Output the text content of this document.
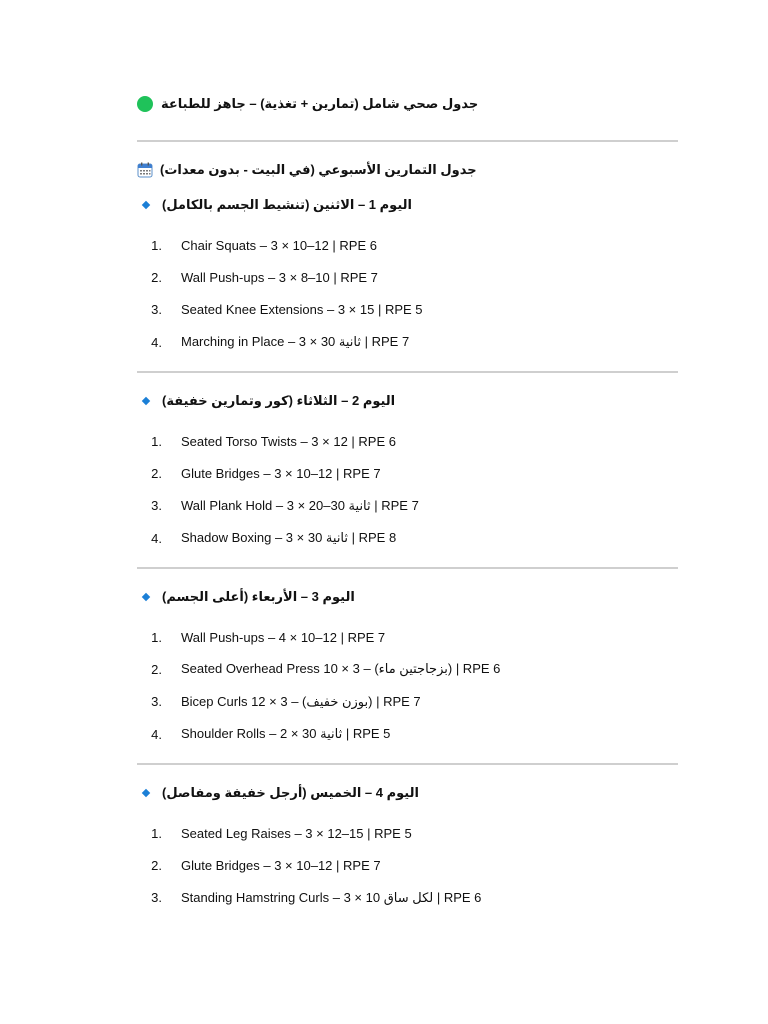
جدول صحي شامل (تمارين + تغذية) – جاهز للطباعة
جدول التمارين الأسبوعي (في البيت - بدون معدات)
اليوم 1 – الاثنين (تنشيط الجسم بالكامل)
1. Chair Squats – 3 × 10–12 | RPE 6
2. Wall Push-ups – 3 × 8–10 | RPE 7
3. Seated Knee Extensions – 3 × 15 | RPE 5
4. Marching in Place – 3 × 30 ثانية | RPE 7
اليوم 2 – الثلاثاء (كور وتمارين خفيفة)
1. Seated Torso Twists – 3 × 12 | RPE 6
2. Glute Bridges – 3 × 10–12 | RPE 7
3. Wall Plank Hold – 3 × 20–30 ثانية | RPE 7
4. Shadow Boxing – 3 × 30 ثانية | RPE 8
اليوم 3 – الأربعاء (أعلى الجسم)
1. Wall Push-ups – 4 × 10–12 | RPE 7
2. Seated Overhead Press 10 × 3 – (بزجاجتين ماء) | RPE 6
3. Bicep Curls 12 × 3 – (بوزن خفيف) | RPE 7
4. Shoulder Rolls – 2 × 30 ثانية | RPE 5
اليوم 4 – الخميس (أرجل خفيفة ومفاصل)
1. Seated Leg Raises – 3 × 12–15 | RPE 5
2. Glute Bridges – 3 × 10–12 | RPE 7
3. Standing Hamstring Curls – 3 × 10 لكل ساق | RPE 6
